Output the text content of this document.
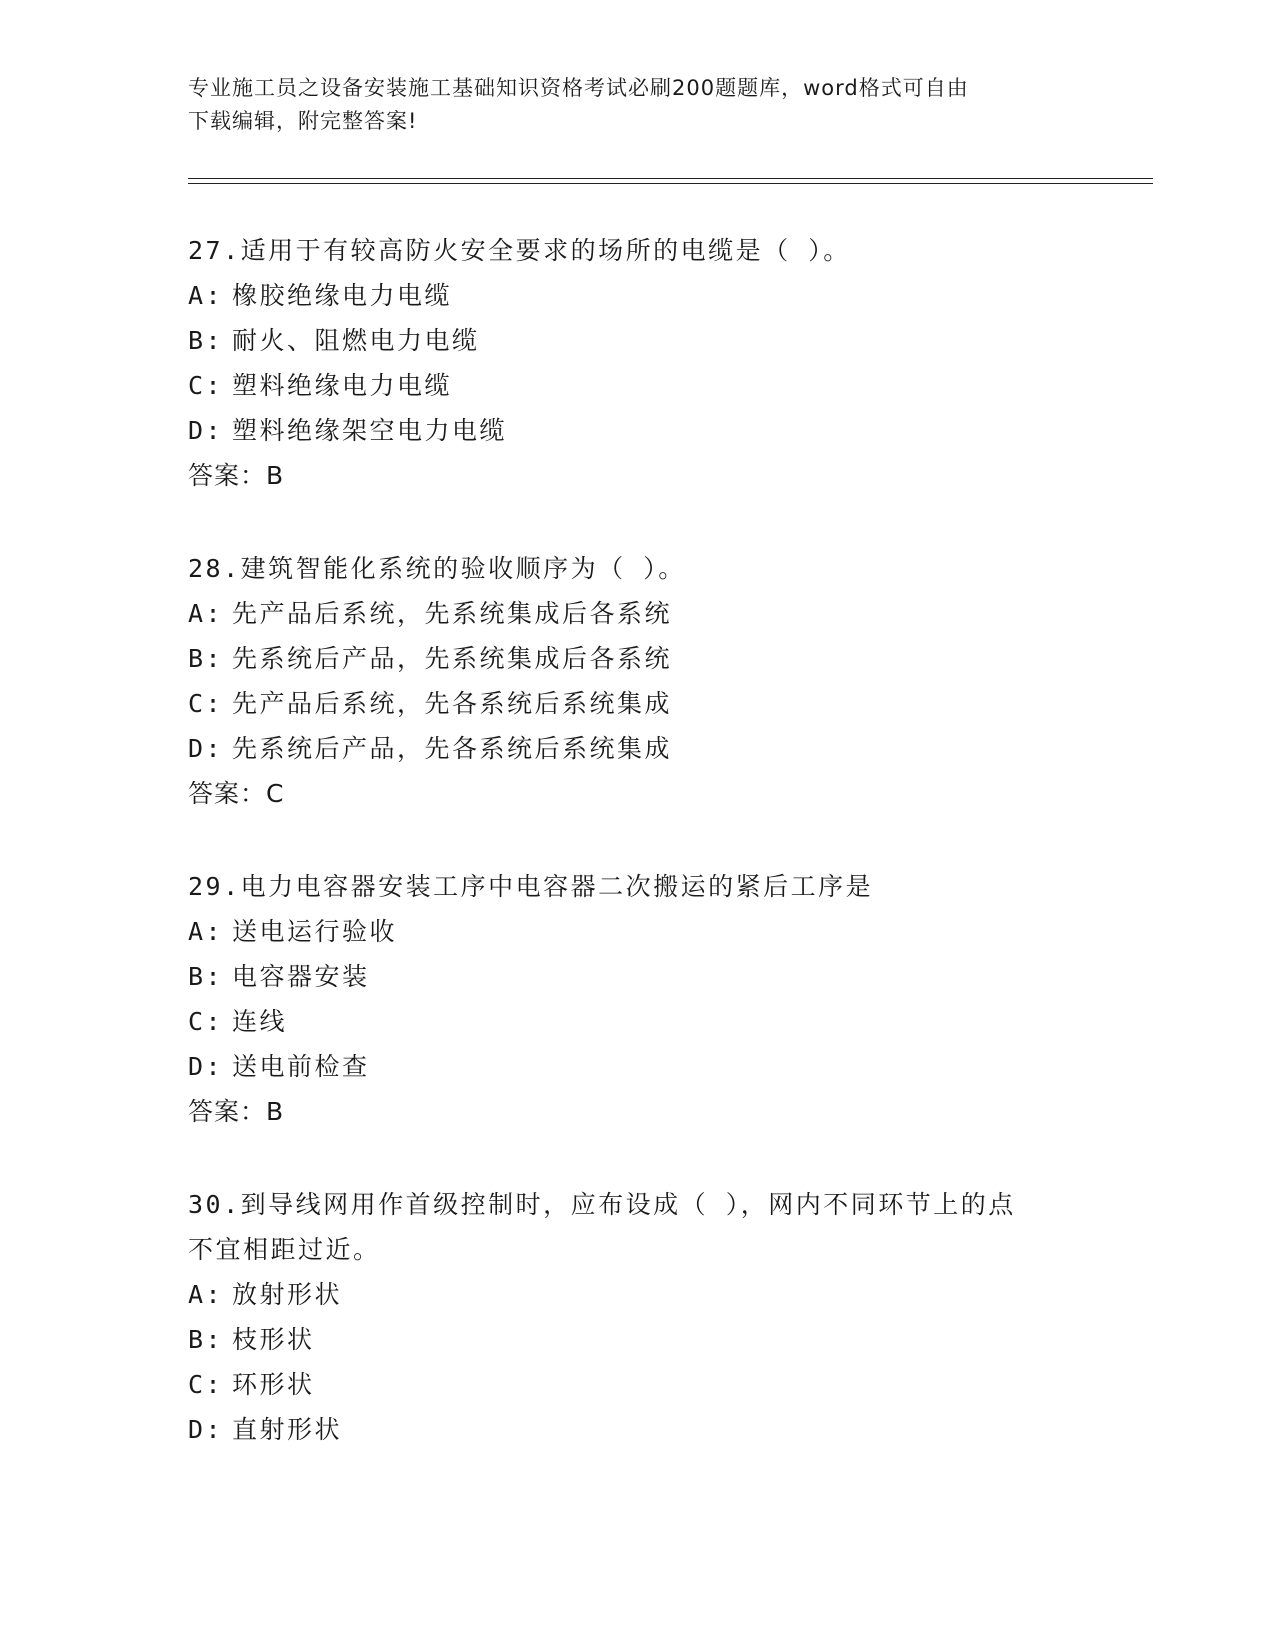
专业施工员之设备安装施工基础知识资格考试必刷200题题库，word格式可自由
下载编辑，附完整答案!
27.适用于有较高防火安全要求的场所的电缆是（ ）。
A: 橡胶绝缘电力电缆
B: 耐火、阻燃电力电缆
C: 塑料绝缘电力电缆
D: 塑料绝缘架空电力电缆
答案：B
28.建筑智能化系统的验收顺序为（ ）。
A: 先产品后系统，先系统集成后各系统
B: 先系统后产品，先系统集成后各系统
C: 先产品后系统，先各系统后系统集成
D: 先系统后产品，先各系统后系统集成
答案：C
29.电力电容器安装工序中电容器二次搬运的紧后工序是
A: 送电运行验收
B: 电容器安装
C: 连线
D: 送电前检查
答案：B
30.到导线网用作首级控制时，应布设成（ ），网内不同环节上的点
不宜相距过近。
A: 放射形状
B: 枝形状
C: 环形状
D: 直射形状
